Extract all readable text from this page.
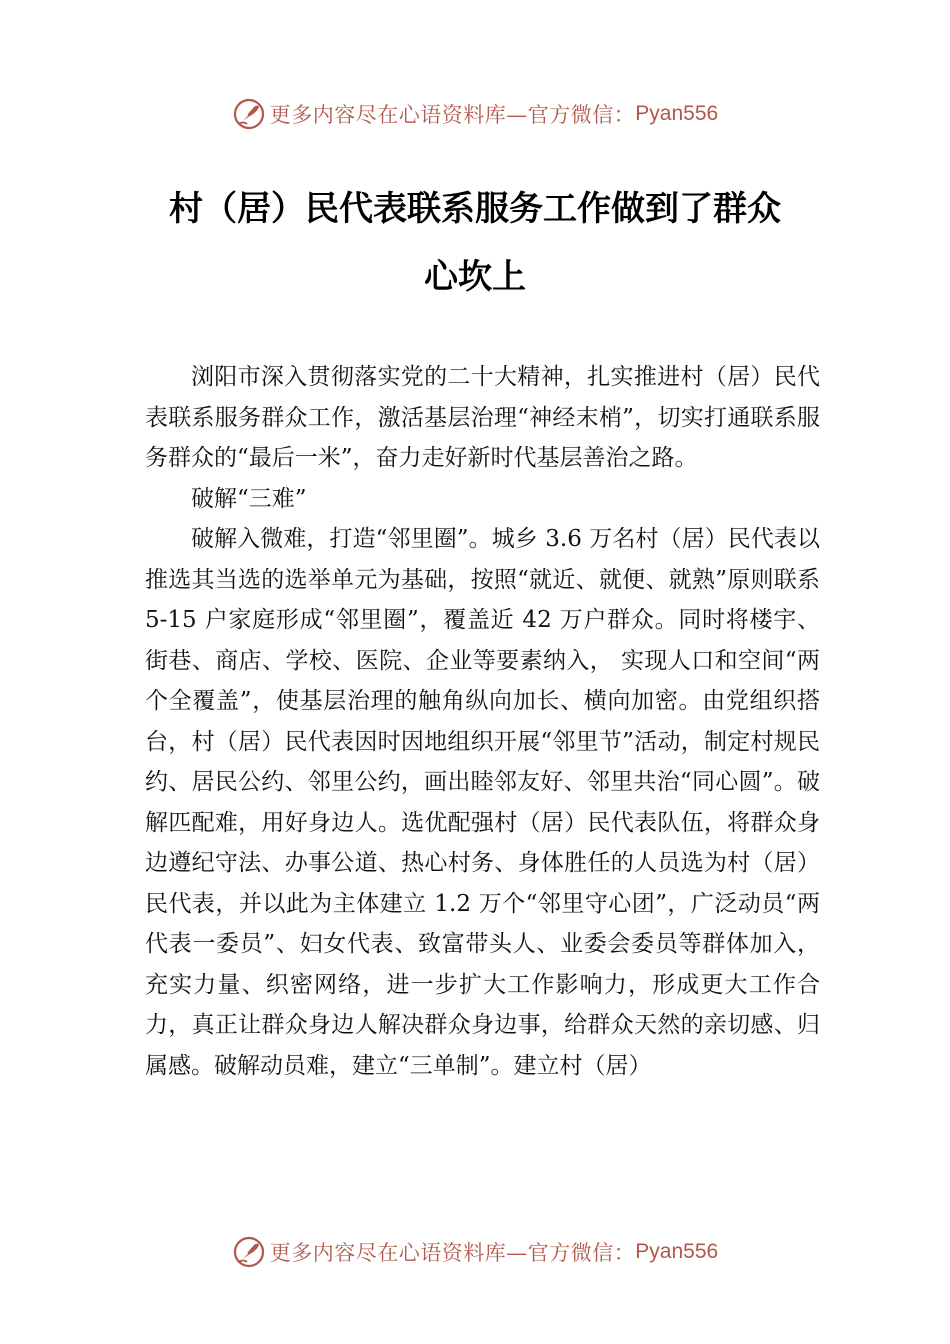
更多内容尽在心语资料库—官方微信： Pyan556
村（居）民代表联系服务工作做到了群众
心坎上

浏阳市深入贯彻落实党的二十大精神，扎实推进村（居）民代表联系服务群众工作，激活基层治理“神经末梢”，切实打通联系服务群众的“最后一米”，奋力走好新时代基层善治之路。

破解“三难”

破解入微难，打造“邻里圈”。城乡 3.6 万名村（居）民代表以推选其当选的选举单元为基础，按照“就近、就便、就熟”原则联系 5-15 户家庭形成“邻里圈”，覆盖近 42 万户群众。同时将楼宇、街巷、商店、学校、医院、企业等要素纳入， 实现人口和空间“两个全覆盖”，使基层治理的触角纵向加长、横向加密。由党组织搭台，村（居）民代表因时因地组织开展“邻里节”活动，制定村规民约、居民公约、邻里公约，画出睦邻友好、邻里共治“同心圆”。破解匹配难，用好身边人。选优配强村（居）民代表队伍，将群众身边遵纪守法、办事公道、热心村务、身体胜任的人员选为村（居）民代表，并以此为主体建立 1.2 万个“邻里守心团”，广泛动员“两代表一委员”、妇女代表、致富带头人、业委会委员等群体加入，充实力量、织密网络，进一步扩大工作影响力，形成更大工作合力，真正让群众身边人解决群众身边事，给群众天然的亲切感、归属感。破解动员难，建立“三单制”。建立村（居）

更多内容尽在心语资料库—官方微信： Pyan556
